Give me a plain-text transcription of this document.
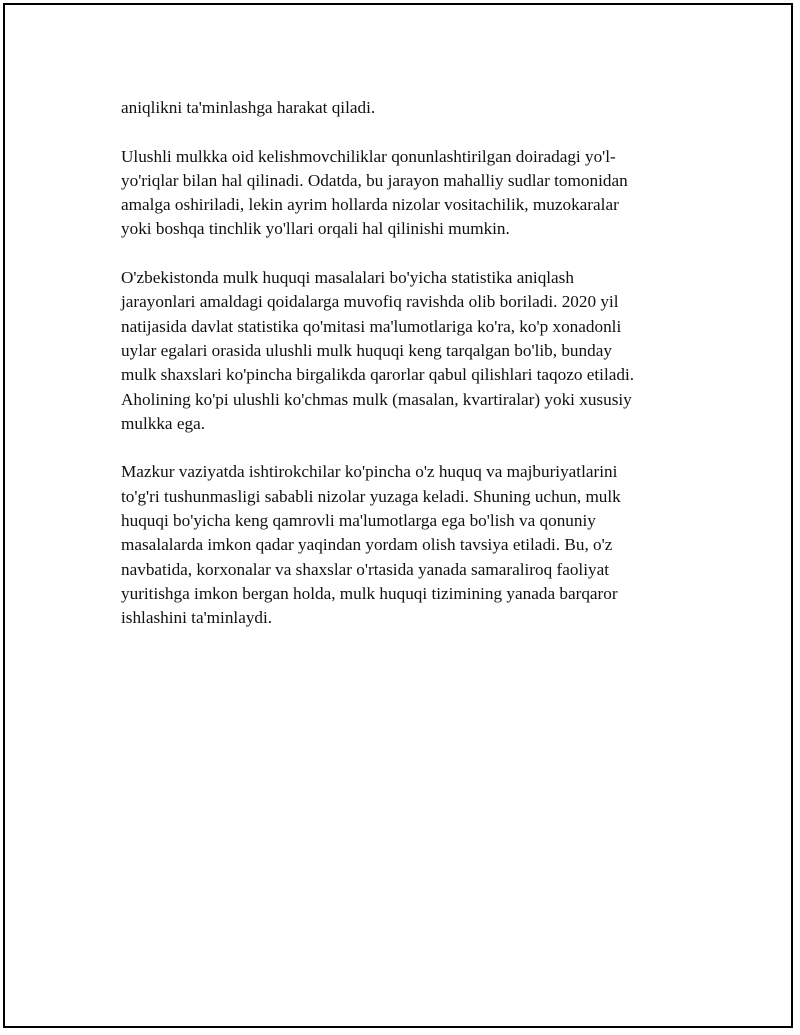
aniqlikni ta'minlashga harakat qiladi.

Ulushli mulkka oid kelishmovchiliklar qonunlashtirilgan doiradagi yo'l-
yo'riqlar bilan hal qilinadi. Odatda, bu jarayon mahalliy sudlar tomonidan
amalga oshiriladi, lekin ayrim hollarda nizolar vositachilik, muzokaralar
yoki boshqa tinchlik yo'llari orqali hal qilinishi mumkin.

O'zbekistonda mulk huquqi masalalari bo'yicha statistika aniqlash
jarayonlari amaldagi qoidalarga muvofiq ravishda olib boriladi. 2020 yil
natijasida davlat statistika qo'mitasi ma'lumotlariga ko'ra, ko'p xonadonli
uylar egalari orasida ulushli mulk huquqi keng tarqalgan bo'lib, bunday
mulk shaxslari ko'pincha birgalikda qarorlar qabul qilishlari taqozo etiladi.
Aholining ko'pi ulushli ko'chmas mulk (masalan, kvartiralar) yoki xususiy
mulkka ega.

Mazkur vaziyatda ishtirokchilar ko'pincha o'z huquq va majburiyatlarini
to'g'ri tushunmasligi sababli nizolar yuzaga keladi. Shuning uchun, mulk
huquqi bo'yicha keng qamrovli ma'lumotlarga ega bo'lish va qonuniy
masalalarda imkon qadar yaqindan yordam olish tavsiya etiladi. Bu, o'z
navbatida, korxonalar va shaxslar o'rtasida yanada samaraliroq faoliyat
yuritishga imkon bergan holda, mulk huquqi tizimining yanada barqaror
ishlashini ta'minlaydi.
